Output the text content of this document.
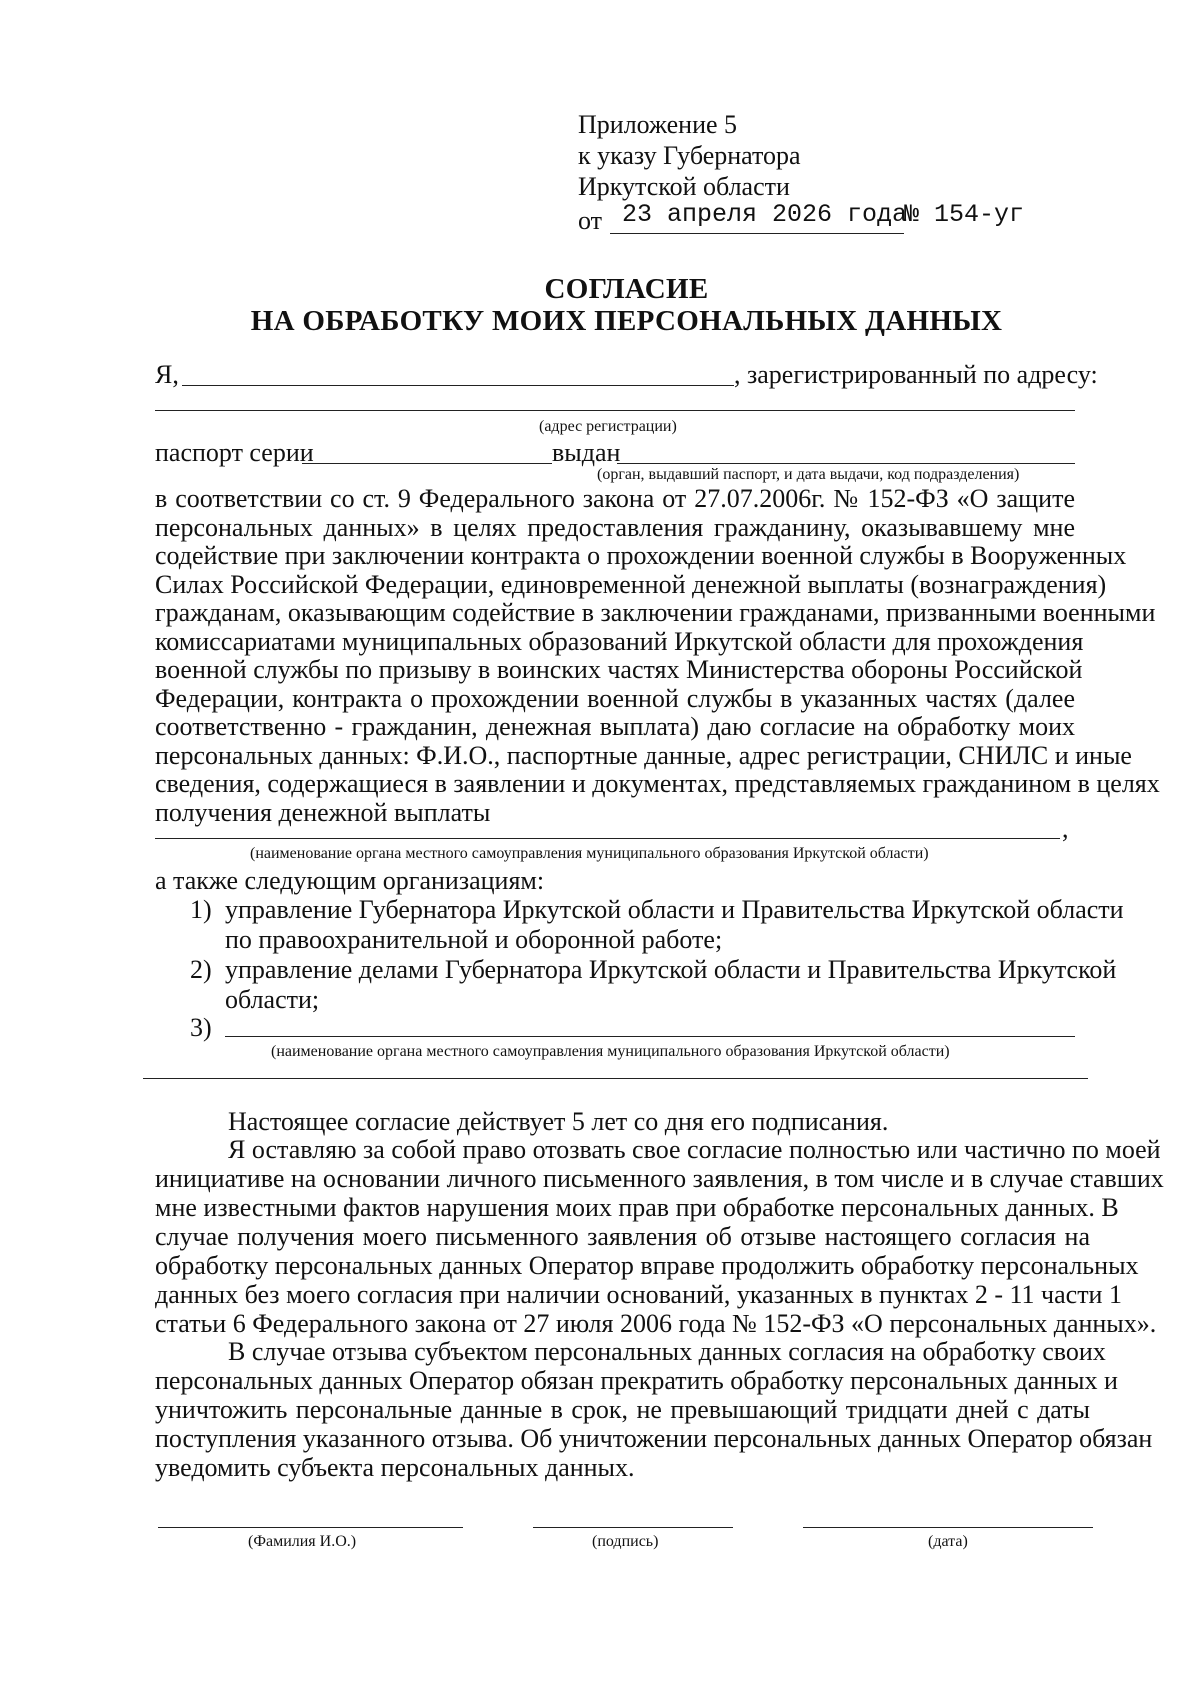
Приложение 5
к указу Губернатора
Иркутской области
от 23 апреля 2026 года
№ 154-уг
СОГЛАСИЕ
НА ОБРАБОТКУ МОИХ ПЕРСОНАЛЬНЫХ ДАННЫХ
Я,	, зарегистрированный по адресу:
(адрес регистрации)
паспорт серии	выдан
(орган, выдавший паспорт, и дата выдачи, код подразделения)
в соответствии со ст. 9 Федерального закона от 27.07.2006г. № 152-ФЗ «О защите
персональных данных» в целях предоставления гражданину, оказывавшему мне
содействие при заключении контракта о прохождении военной службы в Вооруженных
Силах Российской Федерации, единовременной денежной выплаты (вознаграждения)
гражданам, оказывающим содействие в заключении гражданами, призванными военными
комиссариатами муниципальных образований Иркутской области для прохождения
военной службы по призыву в воинских частях Министерства обороны Российской
Федерации, контракта о прохождении военной службы в указанных частях (далее
соответственно - гражданин, денежная выплата) даю согласие на обработку моих
персональных данных: Ф.И.О., паспортные данные, адрес регистрации, СНИЛС и иные
сведения, содержащиеся в заявлении и документах, представляемых гражданином в целях
получения денежной выплаты
,
(наименование органа местного самоуправления муниципального образования Иркутской области)
а также следующим организациям:
1) управление Губернатора Иркутской области и Правительства Иркутской области
по правоохранительной и оборонной работе;
2) управление делами Губернатора Иркутской области и Правительства Иркутской
области;
3)
(наименование органа местного самоуправления муниципального образования Иркутской области)
Настоящее согласие действует 5 лет со дня его подписания.
Я оставляю за собой право отозвать свое согласие полностью или частично по моей
инициативе на основании личного письменного заявления, в том числе и в случае ставших
мне известными фактов нарушения моих прав при обработке персональных данных. В
случае получения моего письменного заявления об отзыве настоящего согласия на
обработку персональных данных Оператор вправе продолжить обработку персональных
данных без моего согласия при наличии оснований, указанных в пунктах 2 - 11 части 1
статьи 6 Федерального закона от 27 июля 2006 года № 152-ФЗ «О персональных данных».
В случае отзыва субъектом персональных данных согласия на обработку своих
персональных данных Оператор обязан прекратить обработку персональных данных и
уничтожить персональные данные в срок, не превышающий тридцати дней с даты
поступления указанного отзыва. Об уничтожении персональных данных Оператор обязан
уведомить субъекта персональных данных.
(Фамилия И.О.)	(подпись)	(дата)
